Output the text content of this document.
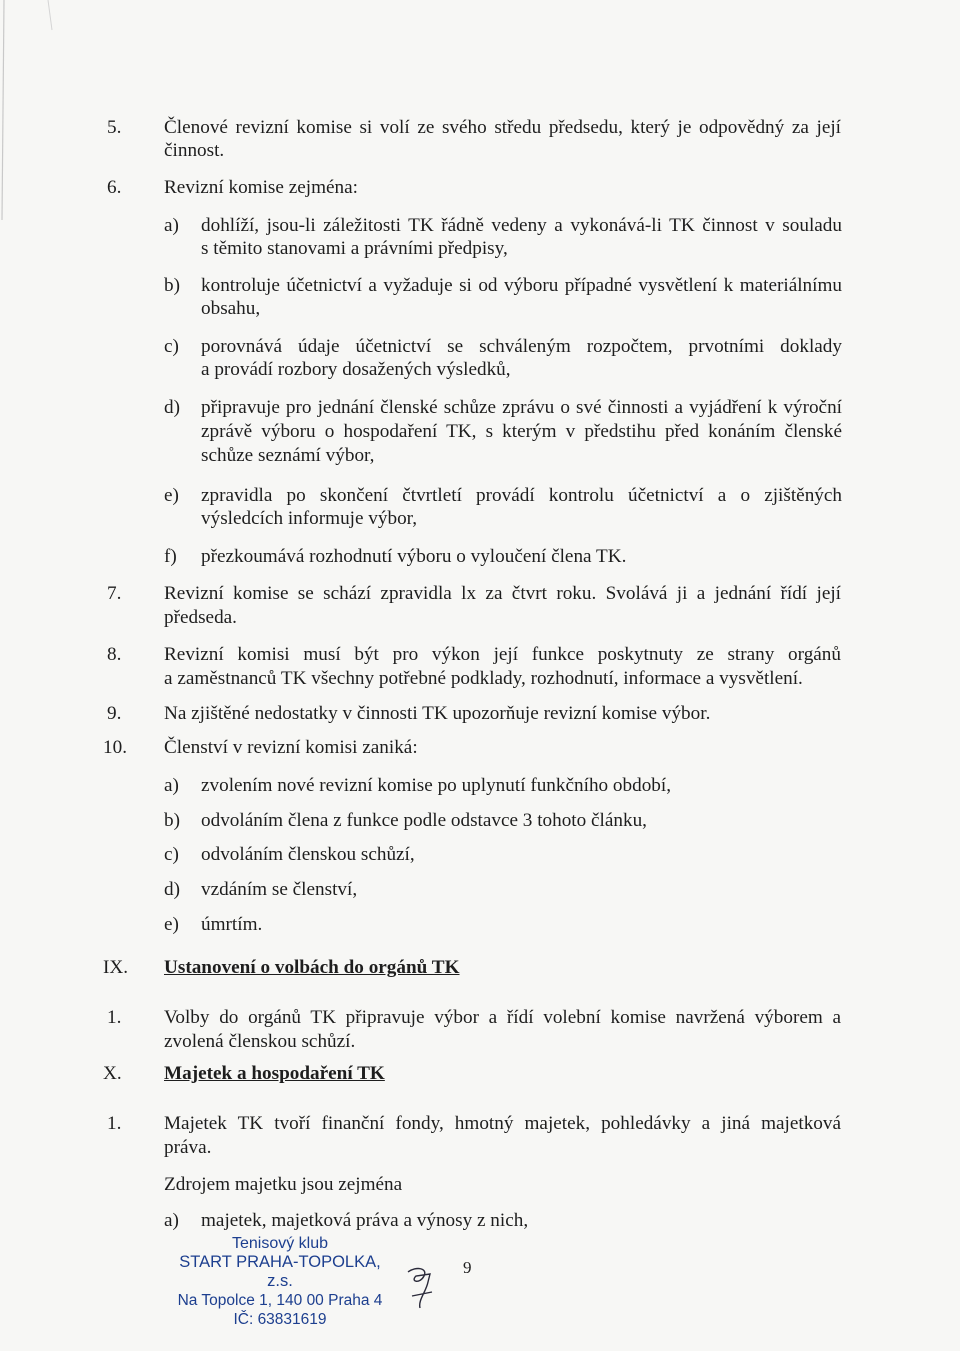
5. Členové revizní komise si volí ze svého středu předsedu, který je odpovědný za její
činnost.
6. Revizní komise zejména:
a) dohlíží, jsou-li záležitosti TK řádně vedeny a vykonává-li TK činnost v souladu
s těmito stanovami a právními předpisy,
b) kontroluje účetnictví a vyžaduje si od výboru případné vysvětlení k materiálnímu
obsahu,
c) porovnává údaje účetnictví se schváleným rozpočtem, prvotními doklady
a provádí rozbory dosažených výsledků,
d) připravuje pro jednání členské schůze zprávu o své činnosti a vyjádření k výroční
zprávě výboru o hospodaření TK, s kterým v předstihu před konáním členské
schůze seznámí výbor,
e) zpravidla po skončení čtvrtletí provádí kontrolu účetnictví a o zjištěných
výsledcích informuje výbor,
f) přezkoumává rozhodnutí výboru o vyloučení člena TK.
7. Revizní komise se schází zpravidla lx za čtvrt roku. Svolává ji a jednání řídí její
předseda.
8. Revizní komisi musí být pro výkon její funkce poskytnuty ze strany orgánů
a zaměstnanců TK všechny potřebné podklady, rozhodnutí, informace a vysvětlení.
9. Na zjištěné nedostatky v činnosti TK upozorňuje revizní komise výbor.
10. Členství v revizní komisi zaniká:
a) zvolením nové revizní komise po uplynutí funkčního období,
b) odvoláním člena z funkce podle odstavce 3 tohoto článku,
c) odvoláním členskou schůzí,
d) vzdáním se členství,
e) úmrtím.
IX. Ustanovení o volbách do orgánů TK
1. Volby do orgánů TK připravuje výbor a řídí volební komise navržená výborem a
zvolená členskou schůzí.
X. Majetek a hospodaření TK
1. Majetek TK tvoří finanční fondy, hmotný majetek, pohledávky a jiná majetková
práva.
Zdrojem majetku jsou zejména
a) majetek, majetková práva a výnosy z nich,
Tenisový klub
START PRAHA-TOPOLKA, z.s.
Na Topolce 1, 140 00 Praha 4
IČ: 63831619
9
